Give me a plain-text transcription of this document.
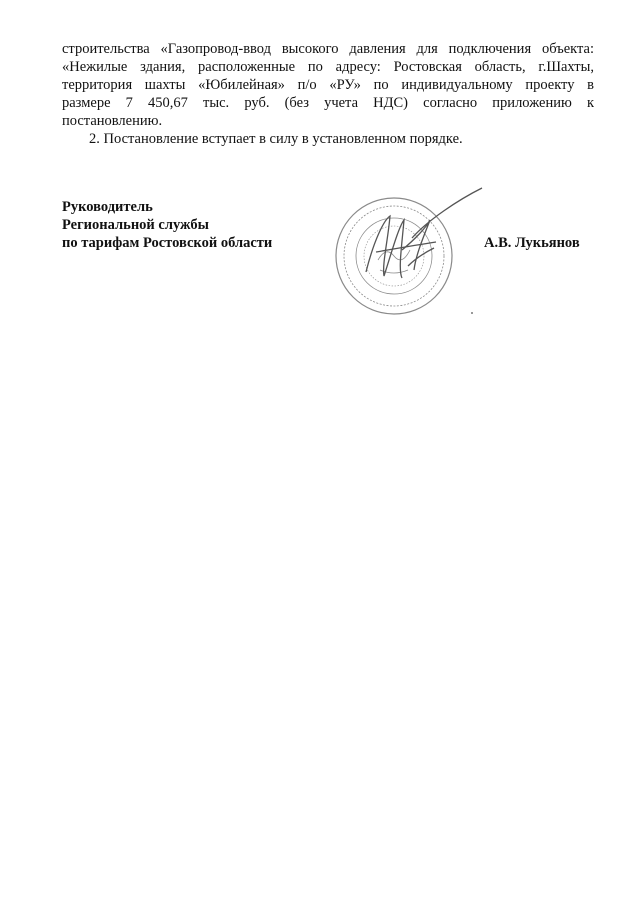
строительства «Газопровод-ввод высокого давления для подключения объекта:
«Нежилые здания, расположенные по адресу: Ростовская область, г.Шахты,
территория шахты «Юбилейная» п/о «РУ» по индивидуальному проекту в
размере 7 450,67 тыс. руб. (без учета НДС) согласно приложению к
постановлению.
2. Постановление вступает в силу в установленном порядке.
Руководитель
Региональной службы
по тарифам Ростовской области	А.В. Лукьянов
